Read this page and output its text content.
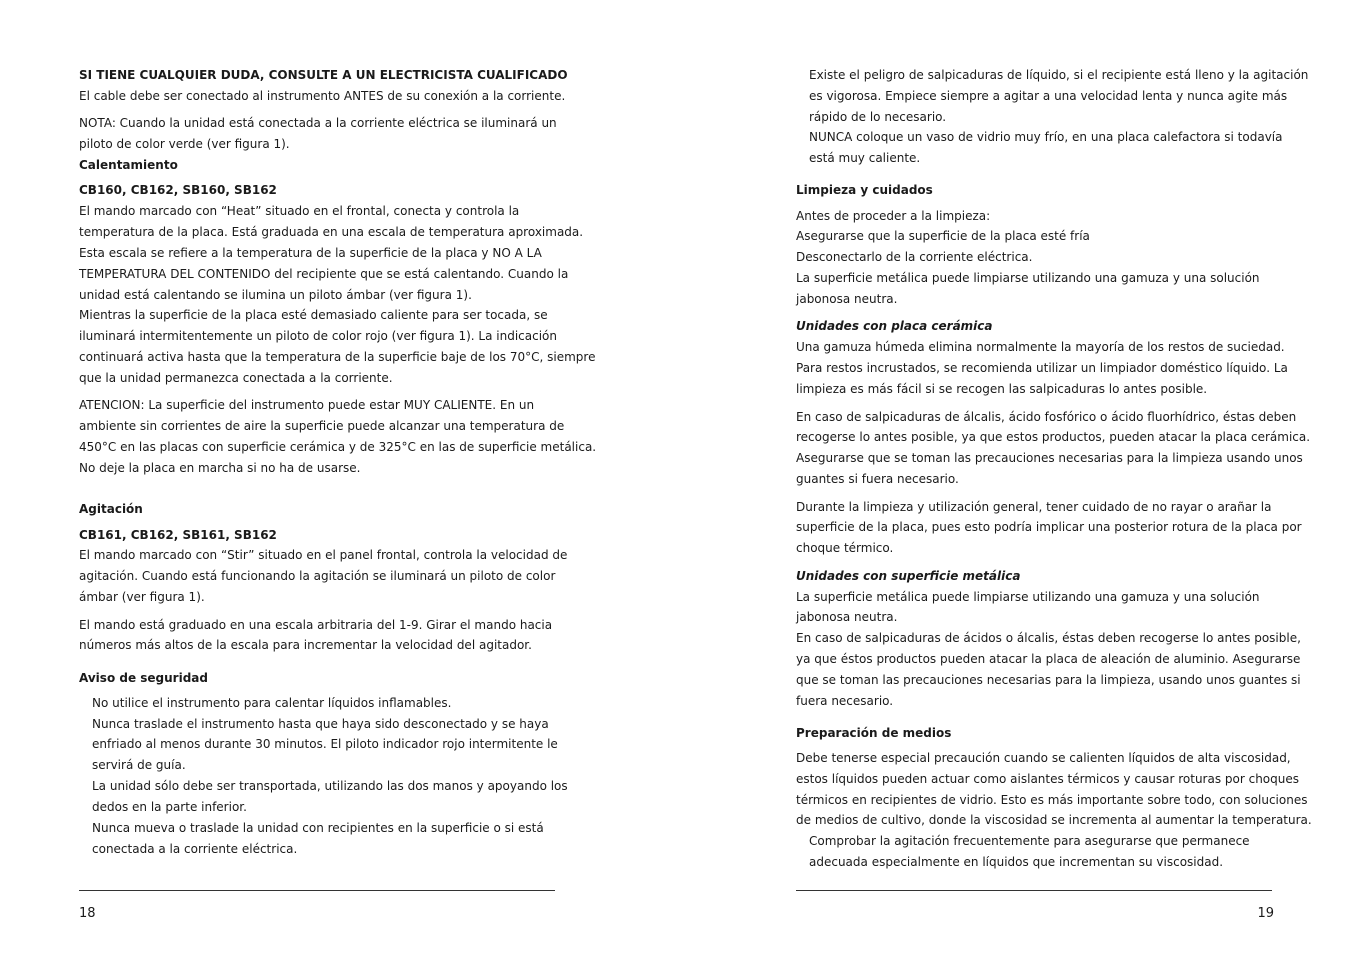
SI TIENE CUALQUIER DUDA, CONSULTE A UN ELECTRICISTA CUALIFICADO
El cable debe ser conectado al instrumento ANTES de su conexión a la corriente.
NOTA: Cuando la unidad está conectada a la corriente eléctrica se iluminará un
piloto de color verde (ver figura 1).
Calentamiento
CB160, CB162, SB160, SB162
El mando marcado con “Heat” situado en el frontal, conecta y controla la
temperatura de la placa. Está graduada en una escala de temperatura aproximada.
Esta escala se refiere a la temperatura de la superficie de la placa y NO A LA
TEMPERATURA DEL CONTENIDO del recipiente que se está calentando. Cuando la
unidad está calentando se ilumina un piloto ámbar (ver figura 1).
Mientras la superficie de la placa esté demasiado caliente para ser tocada, se
iluminará intermitentemente un piloto de color rojo (ver figura 1). La indicación
continuará activa hasta que la temperatura de la superficie baje de los 70°C, siempre
que la unidad permanezca conectada a la corriente.
ATENCION: La superficie del instrumento puede estar MUY CALIENTE. En un
ambiente sin corrientes de aire la superficie puede alcanzar una temperatura de
450°C en las placas con superficie cerámica y de 325°C en las de superficie metálica.
No deje la placa en marcha si no ha de usarse.
Agitación
CB161, CB162, SB161, SB162
El mando marcado con “Stir” situado en el panel frontal, controla la velocidad de
agitación. Cuando está funcionando la agitación se iluminará un piloto de color
ámbar (ver figura 1).
El mando está graduado en una escala arbitraria del 1-9. Girar el mando hacia
números más altos de la escala para incrementar la velocidad del agitador.
Aviso de seguridad
No utilice el instrumento para calentar líquidos inflamables.
Nunca traslade el instrumento hasta que haya sido desconectado y se haya
enfriado al menos durante 30 minutos. El piloto indicador rojo intermitente le
servirá de guía.
La unidad sólo debe ser transportada, utilizando las dos manos y apoyando los
dedos en la parte inferior.
Nunca mueva o traslade la unidad con recipientes en la superficie o si está
conectada a la corriente eléctrica.
18
Existe el peligro de salpicaduras de líquido, si el recipiente está lleno y la agitación
es vigorosa. Empiece siempre a agitar a una velocidad lenta y nunca agite más
rápido de lo necesario.
NUNCA coloque un vaso de vidrio muy frío, en una placa calefactora si todavía
está muy caliente.
Limpieza y cuidados
Antes de proceder a la limpieza:
Asegurarse que la superficie de la placa esté fría
Desconectarlo de la corriente eléctrica.
La superficie metálica puede limpiarse utilizando una gamuza y una solución
jabonosa neutra.
Unidades con placa cerámica
Una gamuza húmeda elimina normalmente la mayoría de los restos de suciedad.
Para restos incrustados, se recomienda utilizar un limpiador doméstico líquido. La
limpieza es más fácil si se recogen las salpicaduras lo antes posible.
En caso de salpicaduras de álcalis, ácido fosfórico o ácido fluorhídrico, éstas deben
recogerse lo antes posible, ya que estos productos, pueden atacar la placa cerámica.
Asegurarse que se toman las precauciones necesarias para la limpieza usando unos
guantes si fuera necesario.
Durante la limpieza y utilización general, tener cuidado de no rayar o arañar la
superficie de la placa, pues esto podría implicar una posterior rotura de la placa por
choque térmico.
Unidades con superficie metálica
La superficie metálica puede limpiarse utilizando una gamuza y una solución
jabonosa neutra.
En caso de salpicaduras de ácidos o álcalis, éstas deben recogerse lo antes posible,
ya que éstos productos pueden atacar la placa de aleación de aluminio. Asegurarse
que se toman las precauciones necesarias para la limpieza, usando unos guantes si
fuera necesario.
Preparación de medios
Debe tenerse especial precaución cuando se calienten líquidos de alta viscosidad,
estos líquidos pueden actuar como aislantes térmicos y causar roturas por choques
térmicos en recipientes de vidrio. Esto es más importante sobre todo, con soluciones
de medios de cultivo, donde la viscosidad se incrementa al aumentar la temperatura.
Comprobar la agitación frecuentemente para asegurarse que permanece
adecuada especialmente en líquidos que incrementan su viscosidad.
19
